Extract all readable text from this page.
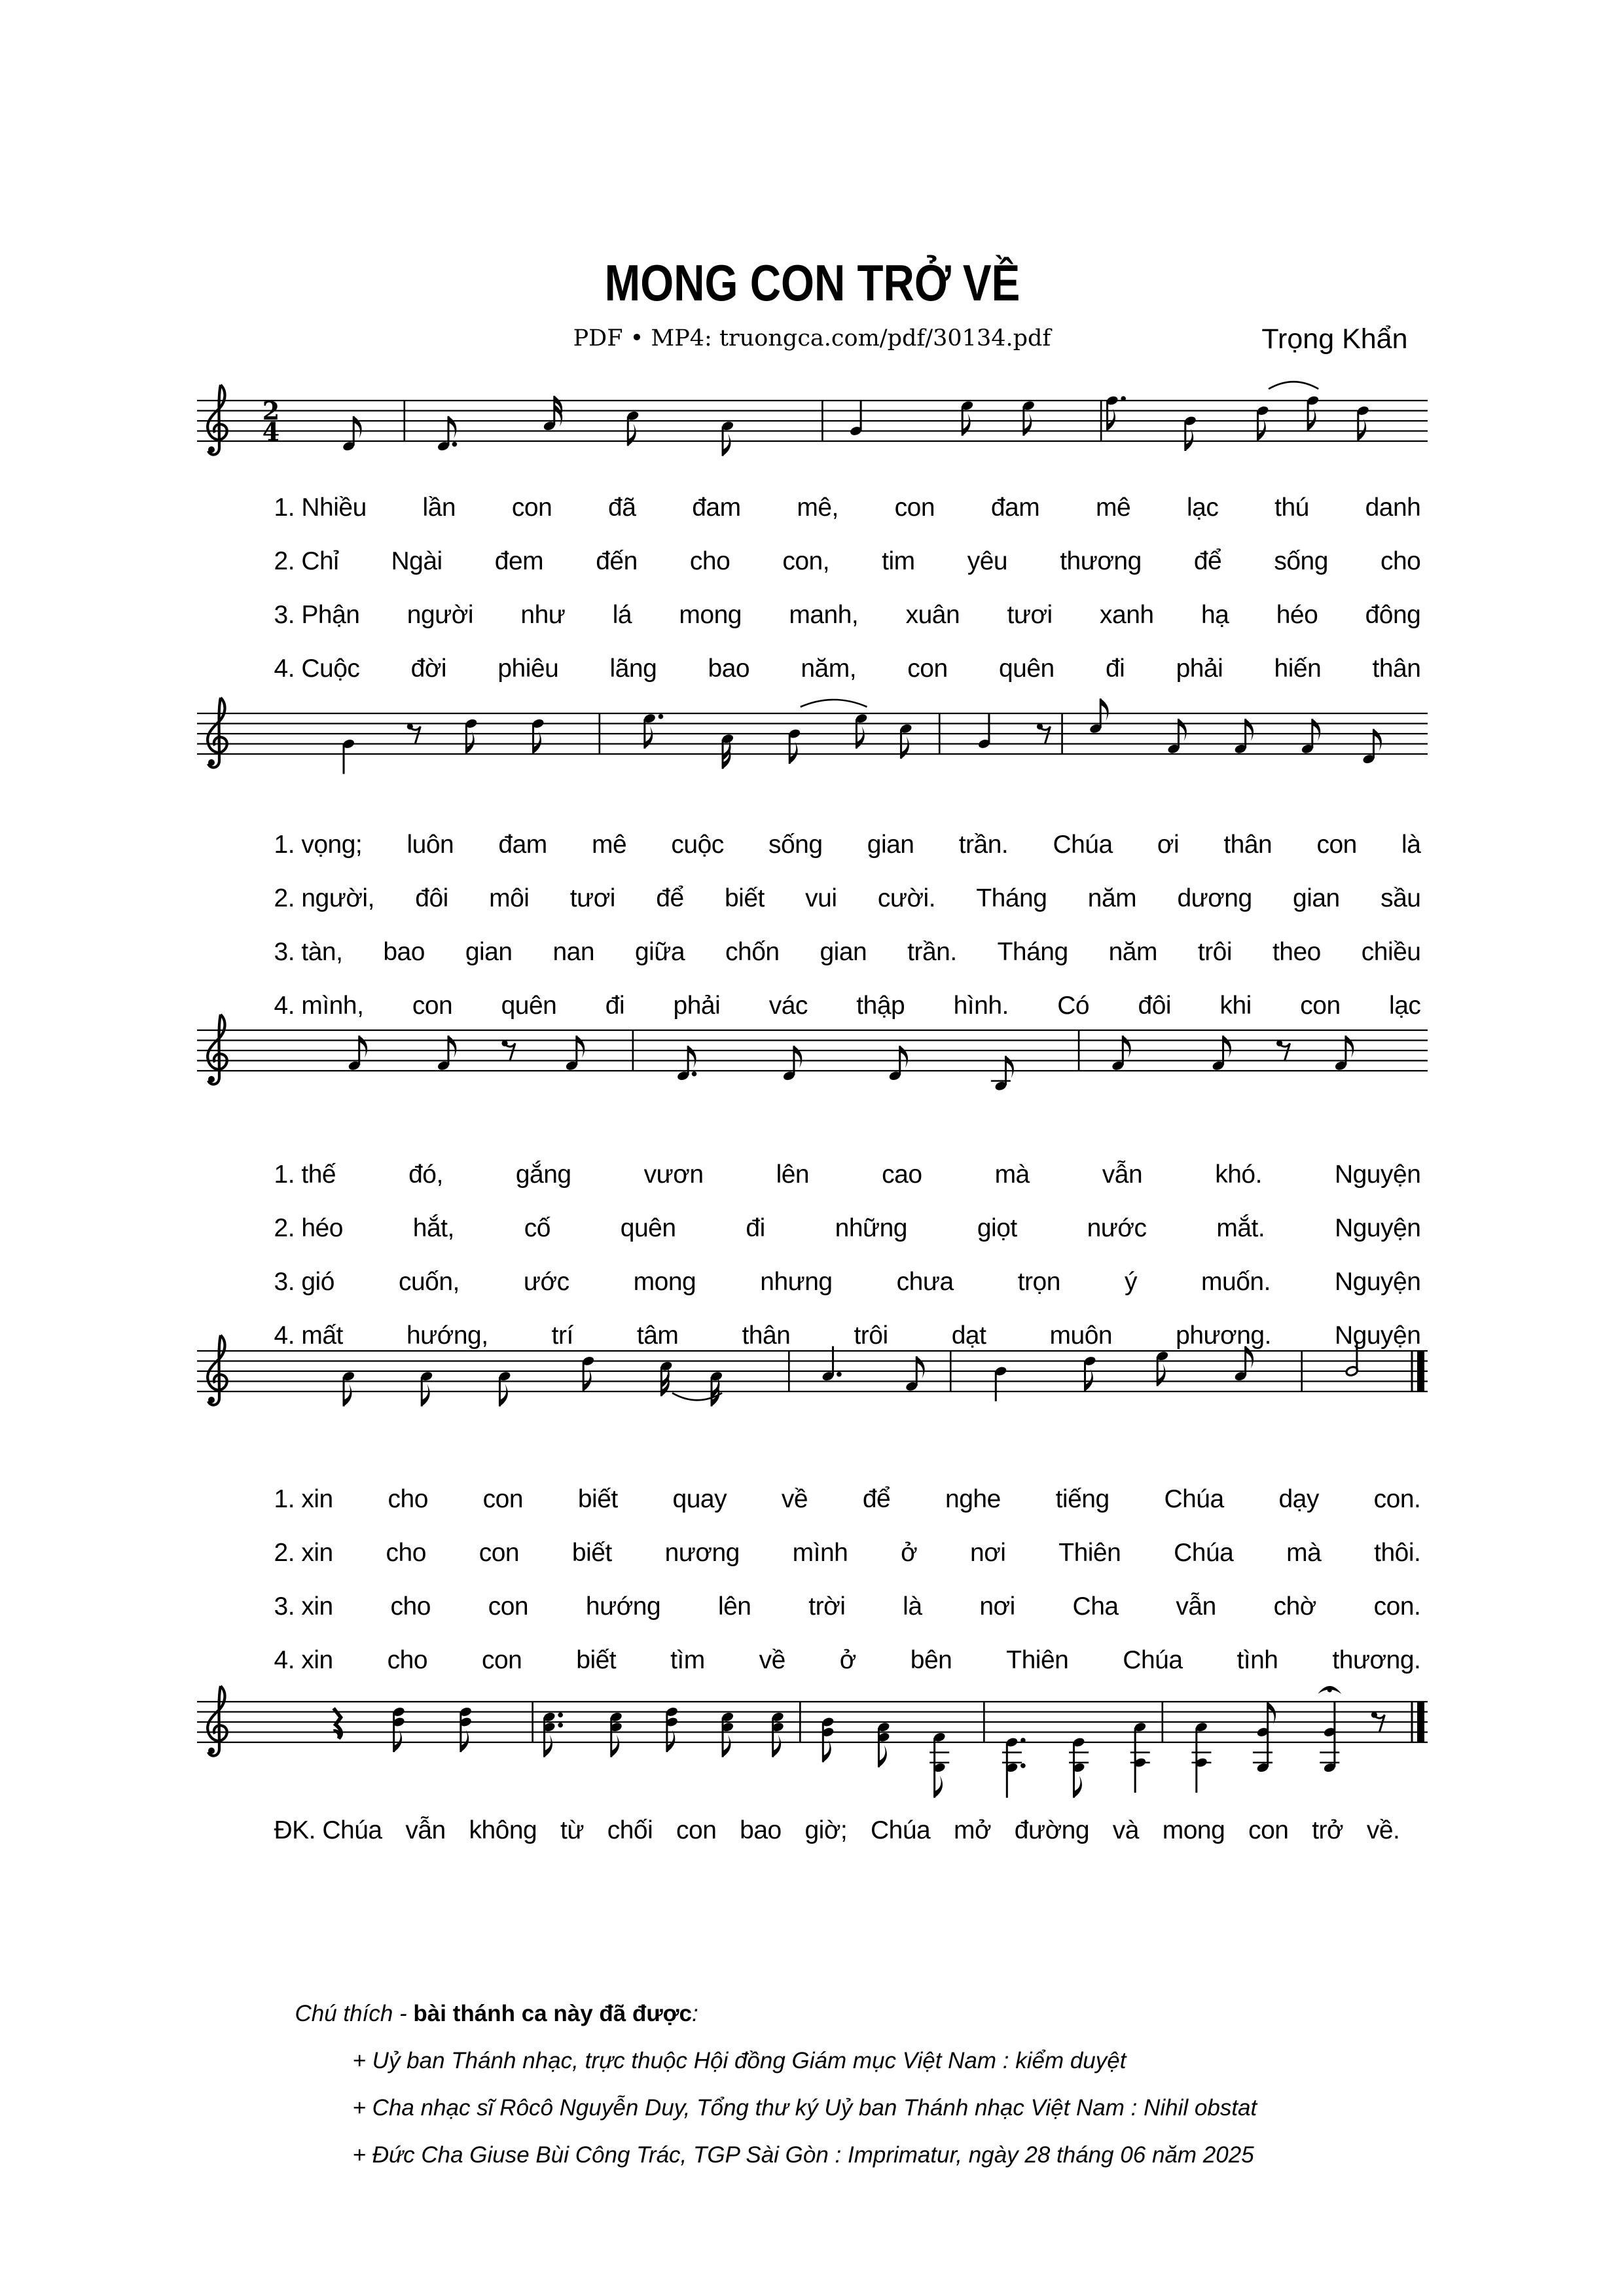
MONG CON TRỞ VỀ
PDF • MP4: truongca.com/pdf/30134.pdf	Trọng Khẩn
2
4
1. Nhiều lần con đã đam mê, con đam mê lạc thú danh
2. Chỉ Ngài đem đến cho con, tim yêu thương để sống cho
3. Phận người như lá mong manh, xuân tươi xanh hạ héo đông
4. Cuộc đời phiêu lãng bao năm, con quên đi phải hiến thân
1. vọng; luôn đam mê cuộc sống gian trần. Chúa ơi thân con là
2. người, đôi môi tươi để biết vui cười. Tháng năm dương gian sầu
3. tàn, bao gian nan giữa chốn gian trần. Tháng năm trôi theo chiều
4. mình, con quên đi phải vác thập hình. Có đôi khi con lạc
1. thế	đó,	gắng	vươn	lên	cao	mà	vẫn	khó.	Nguyện
2. héo	hắt,	cố	quên	đi	những	giọt	nước	mắt.	Nguyện
3. gió	cuốn,	ước	mong	nhưng	chưa	trọn	ý	muốn.	Nguyện
4. mất hướng, trí tâm thân trôi dạt muôn phương. Nguyện
1. xin cho con biết quay về để nghe tiếng Chúa dạy con.
2. xin cho con biết nương mình ở nơi Thiên Chúa mà thôi.
3. xin cho con hướng lên trời là nơi Cha vẫn chờ con.
4. xin cho con biết tìm về ở bên Thiên Chúa tình thương.
ĐK. Chúa vẫn không từ chối con bao giờ; Chúa mở đường và mong con trở về.
Chú thích - bài thánh ca này đã được:
+ Uỷ ban Thánh nhạc, trực thuộc Hội đồng Giám mục Việt Nam : kiểm duyệt
+ Cha nhạc sĩ Rôcô Nguyễn Duy, Tổng thư ký Uỷ ban Thánh nhạc Việt Nam : Nihil obstat
+ Đức Cha Giuse Bùi Công Trác, TGP Sài Gòn : Imprimatur, ngày 28 tháng 06 năm 2025
